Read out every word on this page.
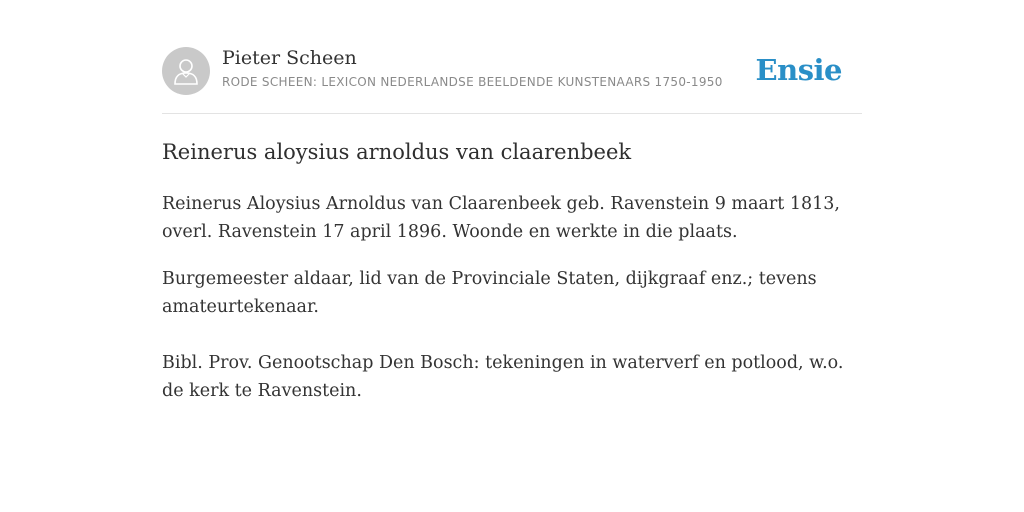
Pieter Scheen
RODE SCHEEN: LEXICON NEDERLANDSE BEELDENDE KUNSTENAARS 1750-1950 Ensie
Reinerus aloysius arnoldus van claarenbeek

Reinerus Aloysius Arnoldus van Claarenbeek geb. Ravenstein 9 maart 1813, overl. Ravenstein 17 april 1896. Woonde en werkte in die plaats.

Burgemeester aldaar, lid van de Provinciale Staten, dijkgraaf enz.; tevens amateurtekenaar.

Bibl. Prov. Genootschap Den Bosch: tekeningen in waterverf en potlood, w.o. de kerk te Ravenstein.
